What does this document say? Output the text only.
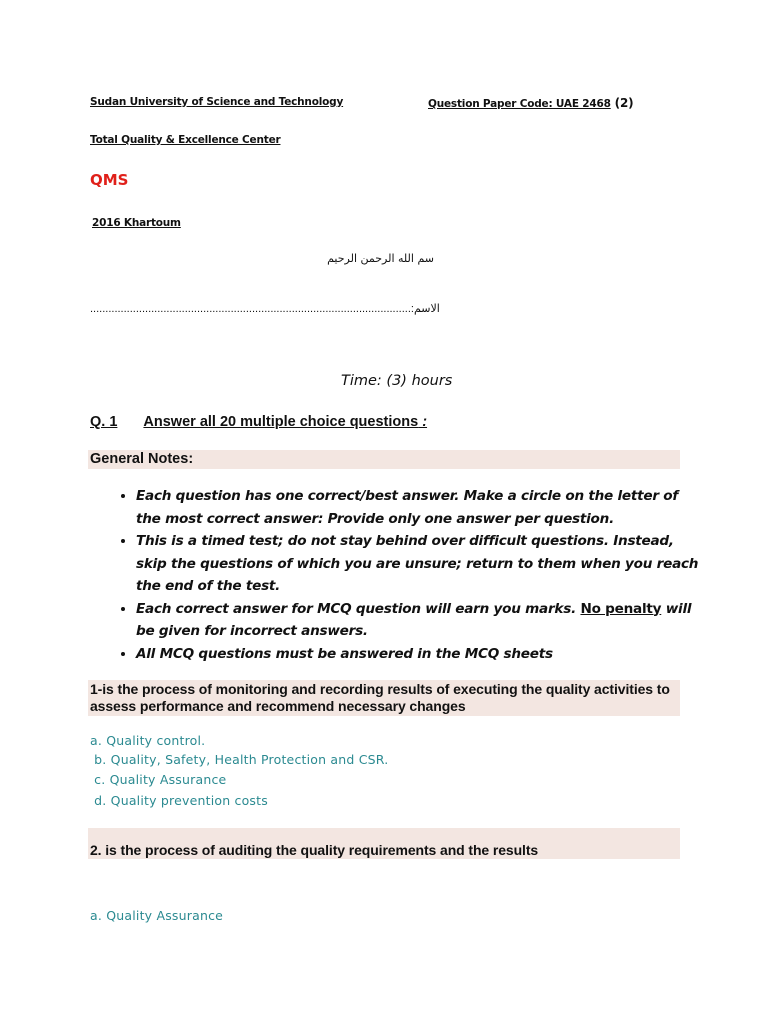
Sudan University of Science and Technology	Question Paper Code: UAE 2468 (2)
Total Quality & Excellence Center
QMS
2016 Khartoum
سم الله الرحمن الرحيم
.........................................................................................................:الاسم
Time: (3) hours
Q. 1 Answer all 20 multiple choice questions :
General Notes:
• Each question has one correct/best answer. Make a circle on the letter of the most correct answer: Provide only one answer per question.
• This is a timed test; do not stay behind over difficult questions. Instead, skip the questions of which you are unsure; return to them when you reach the end of the test.
• Each correct answer for MCQ question will earn you marks. No penalty will be given for incorrect answers.
• All MCQ questions must be answered in the MCQ sheets
1-is the process of monitoring and recording results of executing the quality activities to assess performance and recommend necessary changes
a. Quality control.
b. Quality, Safety, Health Protection and CSR.
c. Quality Assurance
d. Quality prevention costs
2. is the process of auditing the quality requirements and the results
a. Quality Assurance
